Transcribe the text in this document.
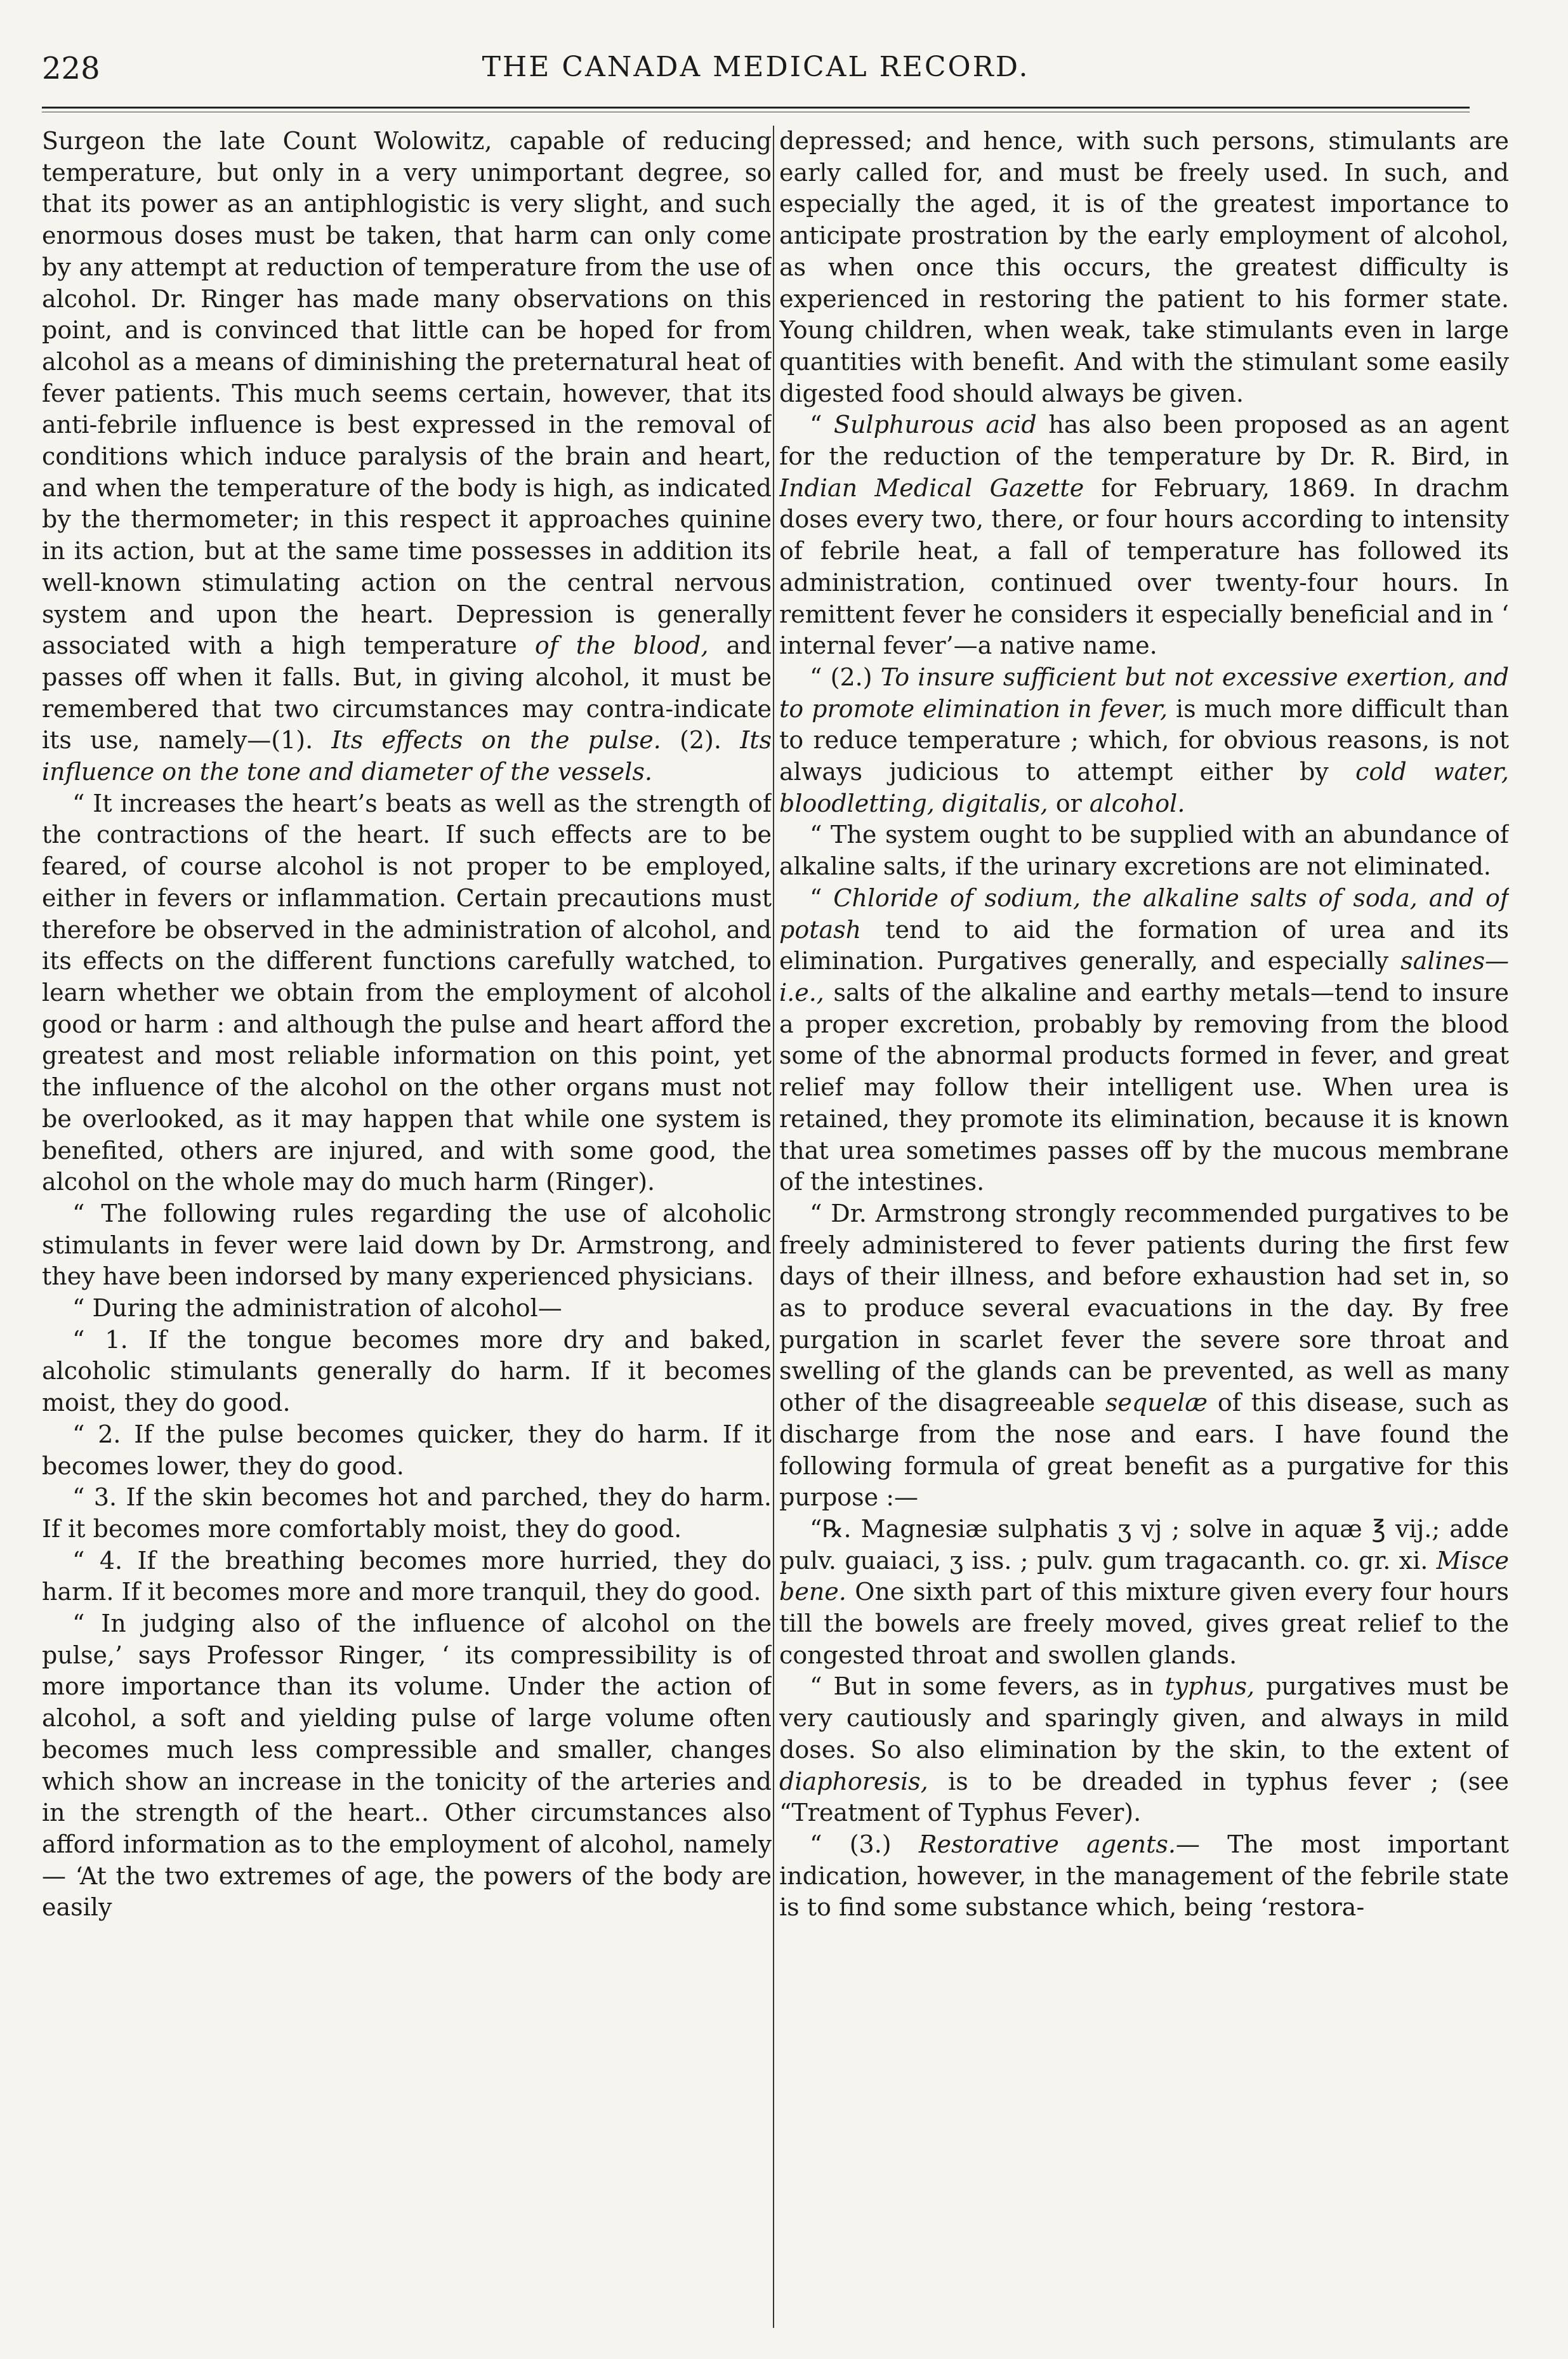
228	THE CANADA MEDICAL RECORD.

Surgeon the late Count Wolowitz, capable of reducing temperature, but only in a very unimportant degree, so that its power as an antiphlogistic is very slight, and such enormous doses must be taken, that harm can only come by any attempt at reduction of temperature from the use of alcohol. Dr. Ringer has made many observations on this point, and is convinced that little can be hoped for from alcohol as a means of diminishing the preternatural heat of fever patients. This much seems certain, however, that its anti-febrile influence is best expressed in the removal of conditions which induce paralysis of the brain and heart, and when the temperature of the body is high, as indicated by the thermometer; in this respect it approaches quinine in its action, but at the same time possesses in addition its well-known stimulating action on the central nervous system and upon the heart. Depression is generally associated with a high temperature of the blood, and passes off when it falls. But, in giving alcohol, it must be remembered that two circumstances may contra-indicate its use, namely—(1). Its effects on the pulse. (2). Its influence on the tone and diameter of the vessels.

“ It increases the heart’s beats as well as the strength of the contractions of the heart. If such effects are to be feared, of course alcohol is not proper to be employed, either in fevers or inflammation. Certain precautions must therefore be observed in the administration of alcohol, and its effects on the different functions carefully watched, to learn whether we obtain from the employment of alcohol good or harm : and although the pulse and heart afford the greatest and most reliable information on this point, yet the influence of the alcohol on the other organs must not be overlooked, as it may happen that while one system is benefited, others are injured, and with some good, the alcohol on the whole may do much harm (Ringer).

“ The following rules regarding the use of alcoholic stimulants in fever were laid down by Dr. Armstrong, and they have been indorsed by many experienced physicians.

“ During the administration of alcohol—

“ 1. If the tongue becomes more dry and baked, alcoholic stimulants generally do harm. If it becomes moist, they do good.

“ 2. If the pulse becomes quicker, they do harm. If it becomes lower, they do good.

“ 3. If the skin becomes hot and parched, they do harm. If it becomes more comfortably moist, they do good.

“ 4. If the breathing becomes more hurried, they do harm. If it becomes more and more tranquil, they do good.

“ In judging also of the influence of alcohol on the pulse,’ says Professor Ringer, ‘ its compressibility is of more importance than its volume. Under the action of alcohol, a soft and yielding pulse of large volume often becomes much less compressible and smaller, changes which show an increase in the tonicity of the arteries and in the strength of the heart.. Other circumstances also afford information as to the employment of alcohol, namely— ‘At the two extremes of age, the powers of the body are easily

depressed; and hence, with such persons, stimulants are early called for, and must be freely used. In such, and especially the aged, it is of the greatest importance to anticipate prostration by the early employment of alcohol, as when once this occurs, the greatest difficulty is experienced in restoring the patient to his former state. Young children, when weak, take stimulants even in large quantities with benefit. And with the stimulant some easily digested food should always be given.

“ Sulphurous acid has also been proposed as an agent for the reduction of the temperature by Dr. R. Bird, in Indian Medical Gazette for February, 1869. In drachm doses every two, there, or four hours according to intensity of febrile heat, a fall of temperature has followed its administration, continued over twenty-four hours. In remittent fever he considers it especially beneficial and in ‘ internal fever’—a native name.

“ (2.) To insure sufficient but not excessive exertion, and to promote elimination in fever, is much more difficult than to reduce temperature ; which, for obvious reasons, is not always judicious to attempt either by cold water, bloodletting, digitalis, or alcohol.

“ The system ought to be supplied with an abundance of alkaline salts, if the urinary excretions are not eliminated.

“ Chloride of sodium, the alkaline salts of soda, and of potash tend to aid the formation of urea and its elimination. Purgatives generally, and especially salines—i.e., salts of the alkaline and earthy metals—tend to insure a proper excretion, probably by removing from the blood some of the abnormal products formed in fever, and great relief may follow their intelligent use. When urea is retained, they promote its elimination, because it is known that urea sometimes passes off by the mucous membrane of the intestines.

“ Dr. Armstrong strongly recommended purgatives to be freely administered to fever patients during the first few days of their illness, and before exhaustion had set in, so as to produce several evacuations in the day. By free purgation in scarlet fever the severe sore throat and swelling of the glands can be prevented, as well as many other of the disagreeable sequelæ of this disease, such as discharge from the nose and ears. I have found the following formula of great benefit as a purgative for this purpose :—

“℞. Magnesiæ sulphatis ʒ vj ; solve in aquæ ℥ vij.; adde pulv. guaiaci, ʒ iss. ; pulv. gum tragacanth. co. gr. xi. Misce bene. One sixth part of this mixture given every four hours till the bowels are freely moved, gives great relief to the congested throat and swollen glands.

“ But in some fevers, as in typhus, purgatives must be very cautiously and sparingly given, and always in mild doses. So also elimination by the skin, to the extent of diaphoresis, is to be dreaded in typhus fever ; (see “Treatment of Typhus Fever).

“ (3.) Restorative agents.— The most important indication, however, in the management of the febrile state is to find some substance which, being ‘restora-
